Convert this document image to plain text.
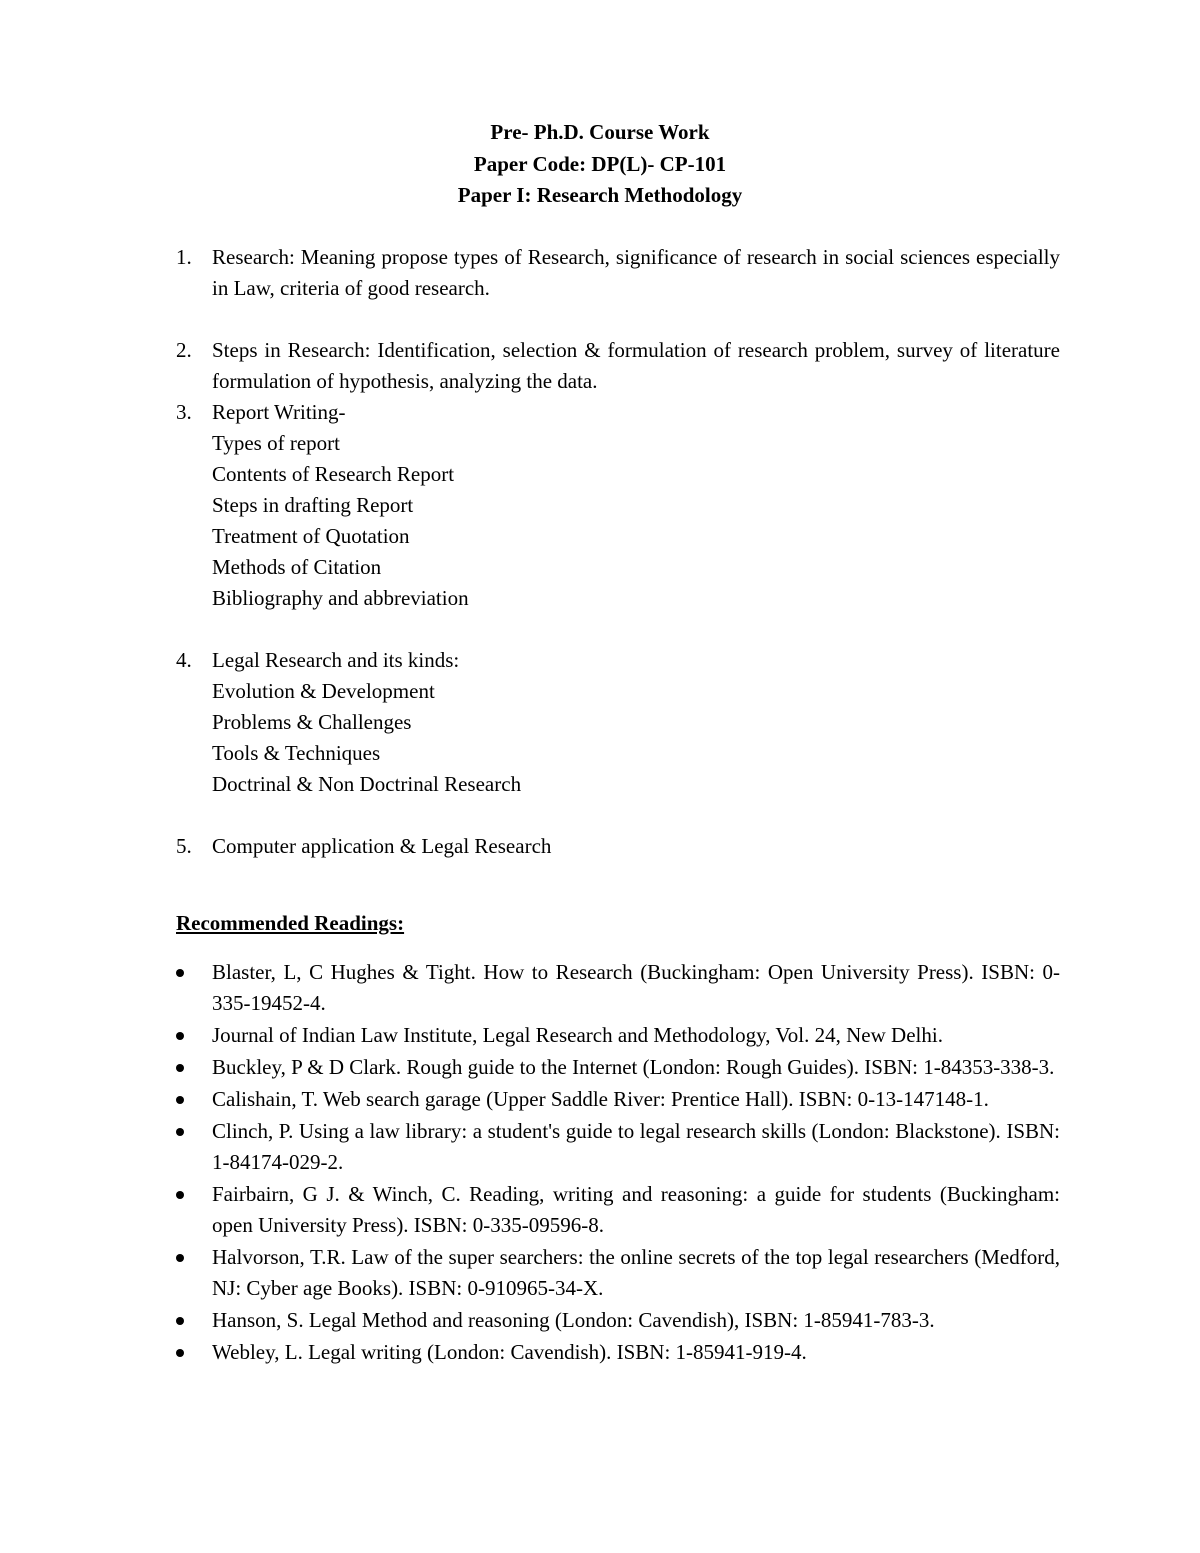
Pre- Ph.D. Course Work
Paper Code: DP(L)- CP-101
Paper I: Research Methodology
1. Research: Meaning propose types of Research, significance of research in social sciences especially in Law, criteria of good research.
2. Steps in Research: Identification, selection & formulation of research problem, survey of literature formulation of hypothesis, analyzing the data.
3. Report Writing-
Types of report
Contents of Research Report
Steps in drafting Report
Treatment of Quotation
Methods of Citation
Bibliography and abbreviation
4. Legal Research and its kinds:
Evolution & Development
Problems & Challenges
Tools & Techniques
Doctrinal & Non Doctrinal Research
5. Computer application & Legal Research
Recommended Readings:
Blaster, L, C Hughes & Tight. How to Research (Buckingham: Open University Press). ISBN: 0-335-19452-4.
Journal of Indian Law Institute, Legal Research and Methodology, Vol. 24, New Delhi.
Buckley, P & D Clark. Rough guide to the Internet (London: Rough Guides). ISBN: 1-84353-338-3.
Calishain, T. Web search garage (Upper Saddle River: Prentice Hall). ISBN: 0-13-147148-1.
Clinch, P. Using a law library: a student's guide to legal research skills (London: Blackstone). ISBN: 1-84174-029-2.
Fairbairn, G J. & Winch, C. Reading, writing and reasoning: a guide for students (Buckingham: open University Press). ISBN: 0-335-09596-8.
Halvorson, T.R. Law of the super searchers: the online secrets of the top legal researchers (Medford, NJ: Cyber age Books). ISBN: 0-910965-34-X.
Hanson, S. Legal Method and reasoning (London: Cavendish), ISBN: 1-85941-783-3.
Webley, L. Legal writing (London: Cavendish). ISBN: 1-85941-919-4.
